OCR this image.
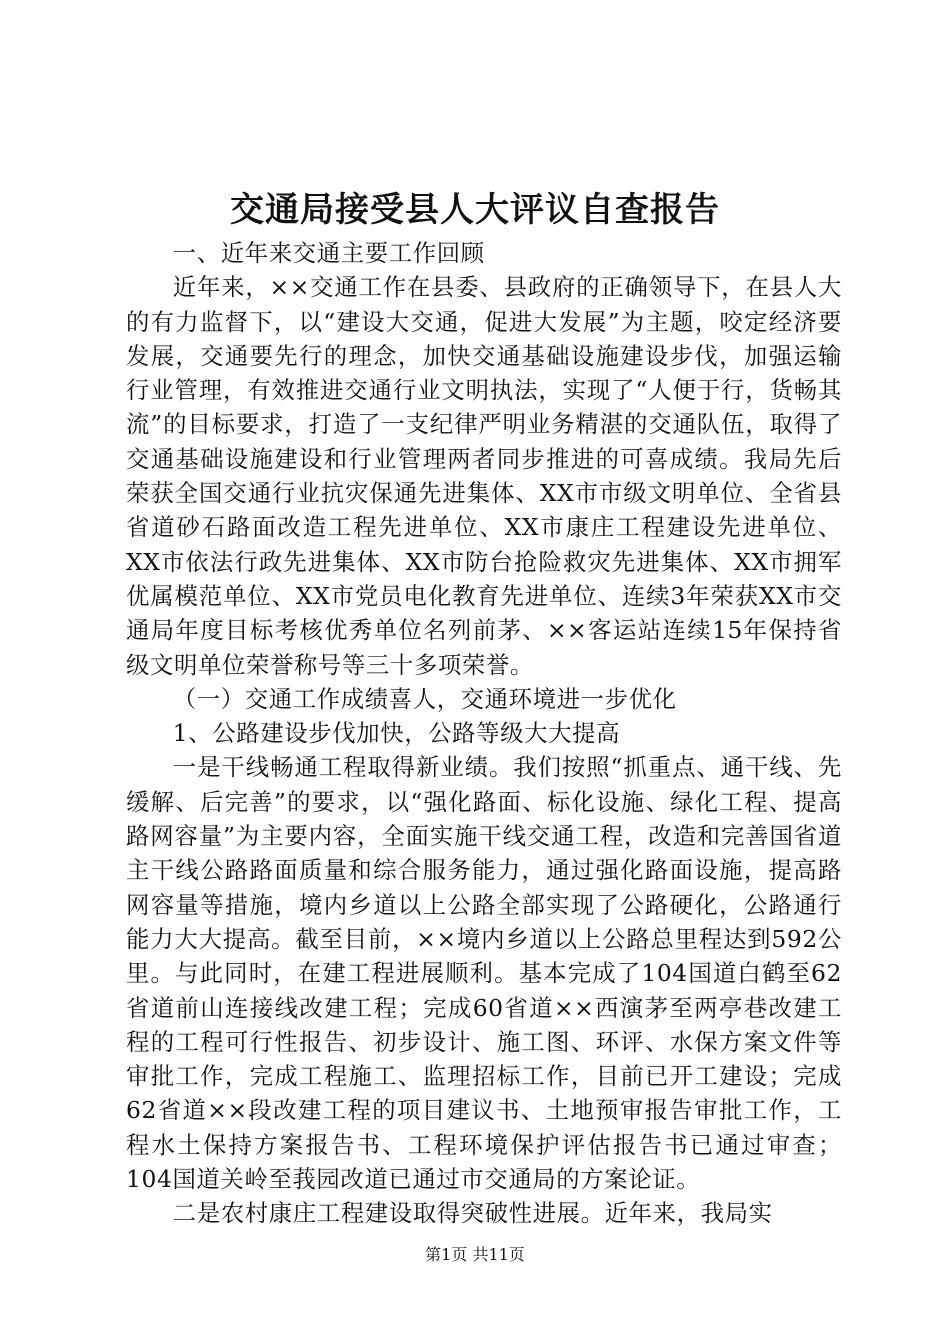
交通局接受县人大评议自查报告

一、近年来交通主要工作回顾

近年来，××交通工作在县委、县政府的正确领导下，在县人大的有力监督下，以“建设大交通，促进大发展”为主题，咬定经济要发展，交通要先行的理念，加快交通基础设施建设步伐，加强运输行业管理，有效推进交通行业文明执法，实现了“人便于行，货畅其流”的目标要求，打造了一支纪律严明业务精湛的交通队伍，取得了交通基础设施建设和行业管理两者同步推进的可喜成绩。我局先后荣获全国交通行业抗灾保通先进集体、XX市市级文明单位、全省县省道砂石路面改造工程先进单位、XX市康庄工程建设先进单位、XX市依法行政先进集体、XX市防台抢险救灾先进集体、XX市拥军优属模范单位、XX市党员电化教育先进单位、连续3年荣获XX市交通局年度目标考核优秀单位名列前茅、××客运站连续15年保持省级文明单位荣誉称号等三十多项荣誉。

（一）交通工作成绩喜人，交通环境进一步优化

1、公路建设步伐加快，公路等级大大提高

一是干线畅通工程取得新业绩。我们按照“抓重点、通干线、先缓解、后完善”的要求，以“强化路面、标化设施、绿化工程、提高路网容量”为主要内容，全面实施干线交通工程，改造和完善国省道主干线公路路面质量和综合服务能力，通过强化路面设施，提高路网容量等措施，境内乡道以上公路全部实现了公路硬化，公路通行能力大大提高。截至目前，××境内乡道以上公路总里程达到592公里。与此同时，在建工程进展顺利。基本完成了104国道白鹤至62省道前山连接线改建工程；完成60省道××西演茅至两亭巷改建工程的工程可行性报告、初步设计、施工图、环评、水保方案文件等审批工作，完成工程施工、监理招标工作，目前已开工建设；完成62省道××段改建工程的项目建议书、土地预审报告审批工作，工程水土保持方案报告书、工程环境保护评估报告书已通过审查；104国道关岭至莪园改道已通过市交通局的方案论证。

二是农村康庄工程建设取得突破性进展。近年来，我局实

第1页 共11页
